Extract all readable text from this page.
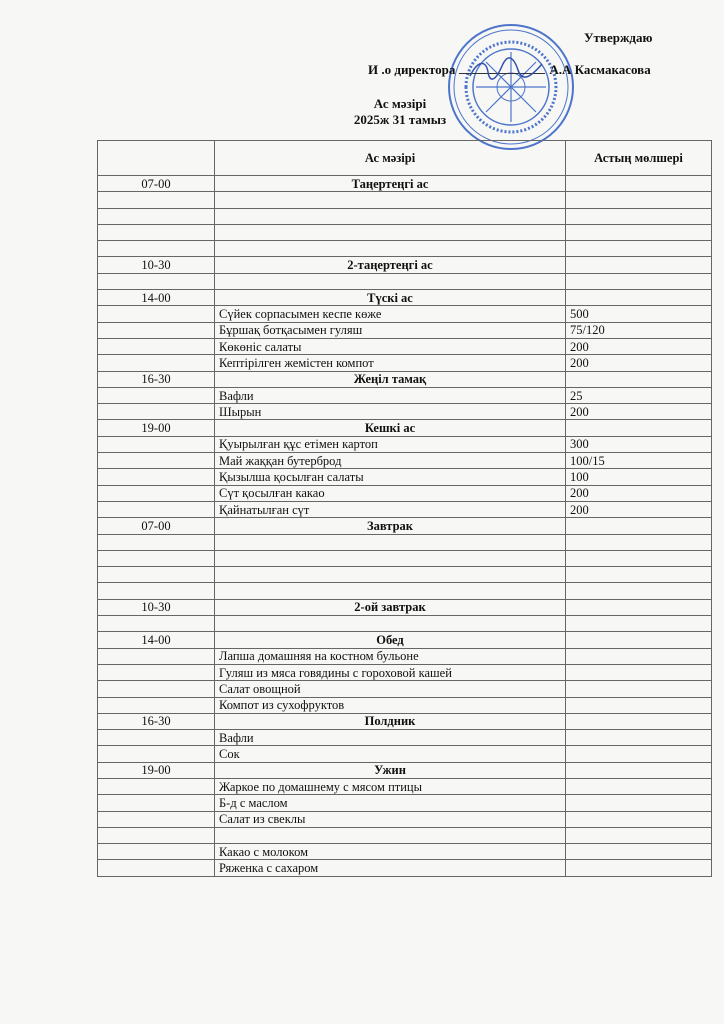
Утверждаю
И .о директора	А.А Касмакасова
Ас мәзірі
2025ж 31 тамыз
	Ас мәзірі	Астың мөлшері
07-00	Таңертеңгі ас	

10-30	2-таңертеңгі ас	

14-00	Түскі ас	
	Сүйек сорпасымен кеспе көже	500
	Бұршақ ботқасымен гуляш	75/120
	Көкөніс салаты	200
	Кептірілген жемістен компот	200
16-30	Жеңіл тамақ	
	Вафли	25
	Шырын	200
19-00	Кешкі ас	
	Қуырылған құс етімен картоп	300
	Май жаққан бутерброд	100/15
	Қызылша қосылған салаты	100
	Сүт қосылған какао	200
	Қайнатылған сүт	200
07-00	Завтрак	

10-30	2-ой завтрак	

14-00	Обед	
	Лапша домашняя на костном бульоне	
	Гуляш из мяса говядины с гороховой кашей	
	Салат овощной	
	Компот из сухофруктов	
16-30	Полдник	
	Вафли	
	Сок	
19-00	Ужин	
	Жаркое по домашнему с мясом птицы	
	Б-д с маслом	
	Салат из свеклы	

	Какао с молоком	
	Ряженка с сахаром	
